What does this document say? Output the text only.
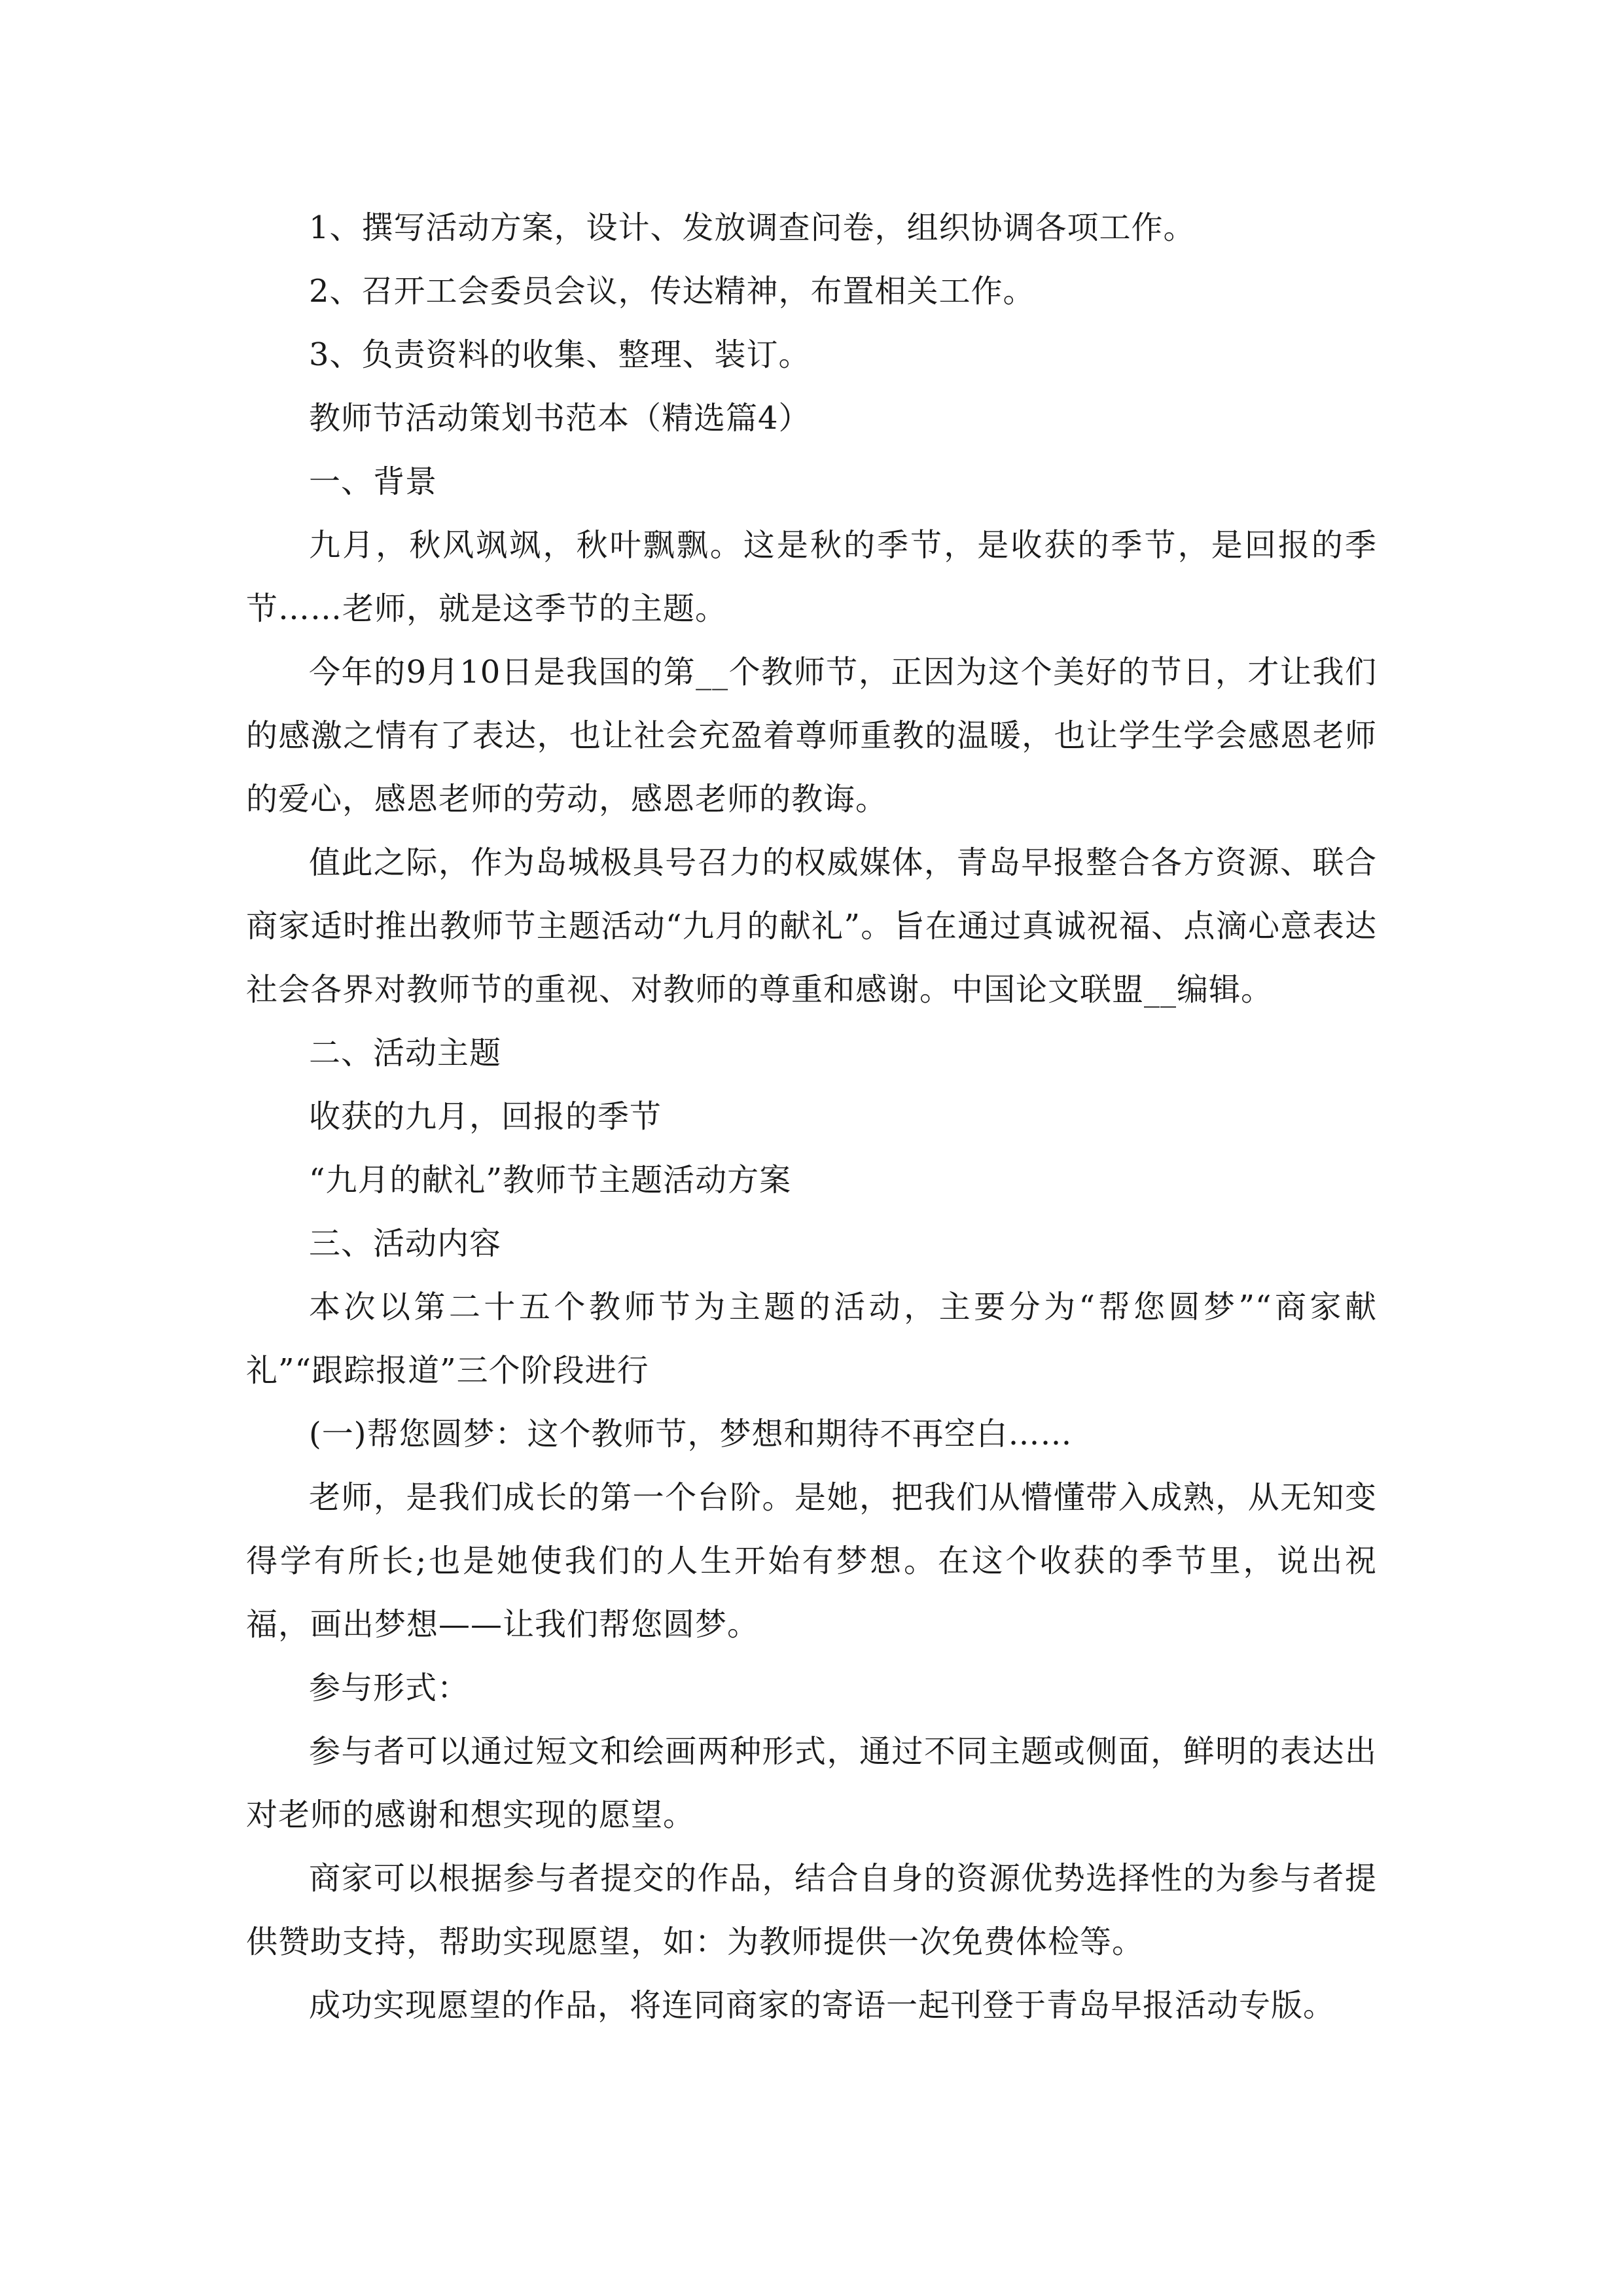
1、撰写活动方案，设计、发放调查问卷，组织协调各项工作。

2、召开工会委员会议，传达精神，布置相关工作。

3、负责资料的收集、整理、装订。

教师节活动策划书范本（精选篇4）

一、背景

九月，秋风飒飒，秋叶飘飘。这是秋的季节，是收获的季节，是回报的季节……老师，就是这季节的主题。

今年的9月10日是我国的第__个教师节，正因为这个美好的节日，才让我们的感激之情有了表达，也让社会充盈着尊师重教的温暖，也让学生学会感恩老师的爱心，感恩老师的劳动，感恩老师的教诲。

值此之际，作为岛城极具号召力的权威媒体，青岛早报整合各方资源、联合商家适时推出教师节主题活动“九月的献礼”。旨在通过真诚祝福、点滴心意表达社会各界对教师节的重视、对教师的尊重和感谢。中国论文联盟__编辑。

二、活动主题

收获的九月，回报的季节

“九月的献礼”教师节主题活动方案

三、活动内容

本次以第二十五个教师节为主题的活动，主要分为“帮您圆梦”“商家献礼”“跟踪报道”三个阶段进行

(一)帮您圆梦：这个教师节，梦想和期待不再空白……

老师，是我们成长的第一个台阶。是她，把我们从懵懂带入成熟，从无知变得学有所长;也是她使我们的人生开始有梦想。在这个收获的季节里，说出祝福，画出梦想——让我们帮您圆梦。

参与形式：

参与者可以通过短文和绘画两种形式，通过不同主题或侧面，鲜明的表达出对老师的感谢和想实现的愿望。

商家可以根据参与者提交的作品，结合自身的资源优势选择性的为参与者提供赞助支持，帮助实现愿望，如：为教师提供一次免费体检等。

成功实现愿望的作品，将连同商家的寄语一起刊登于青岛早报活动专版。
